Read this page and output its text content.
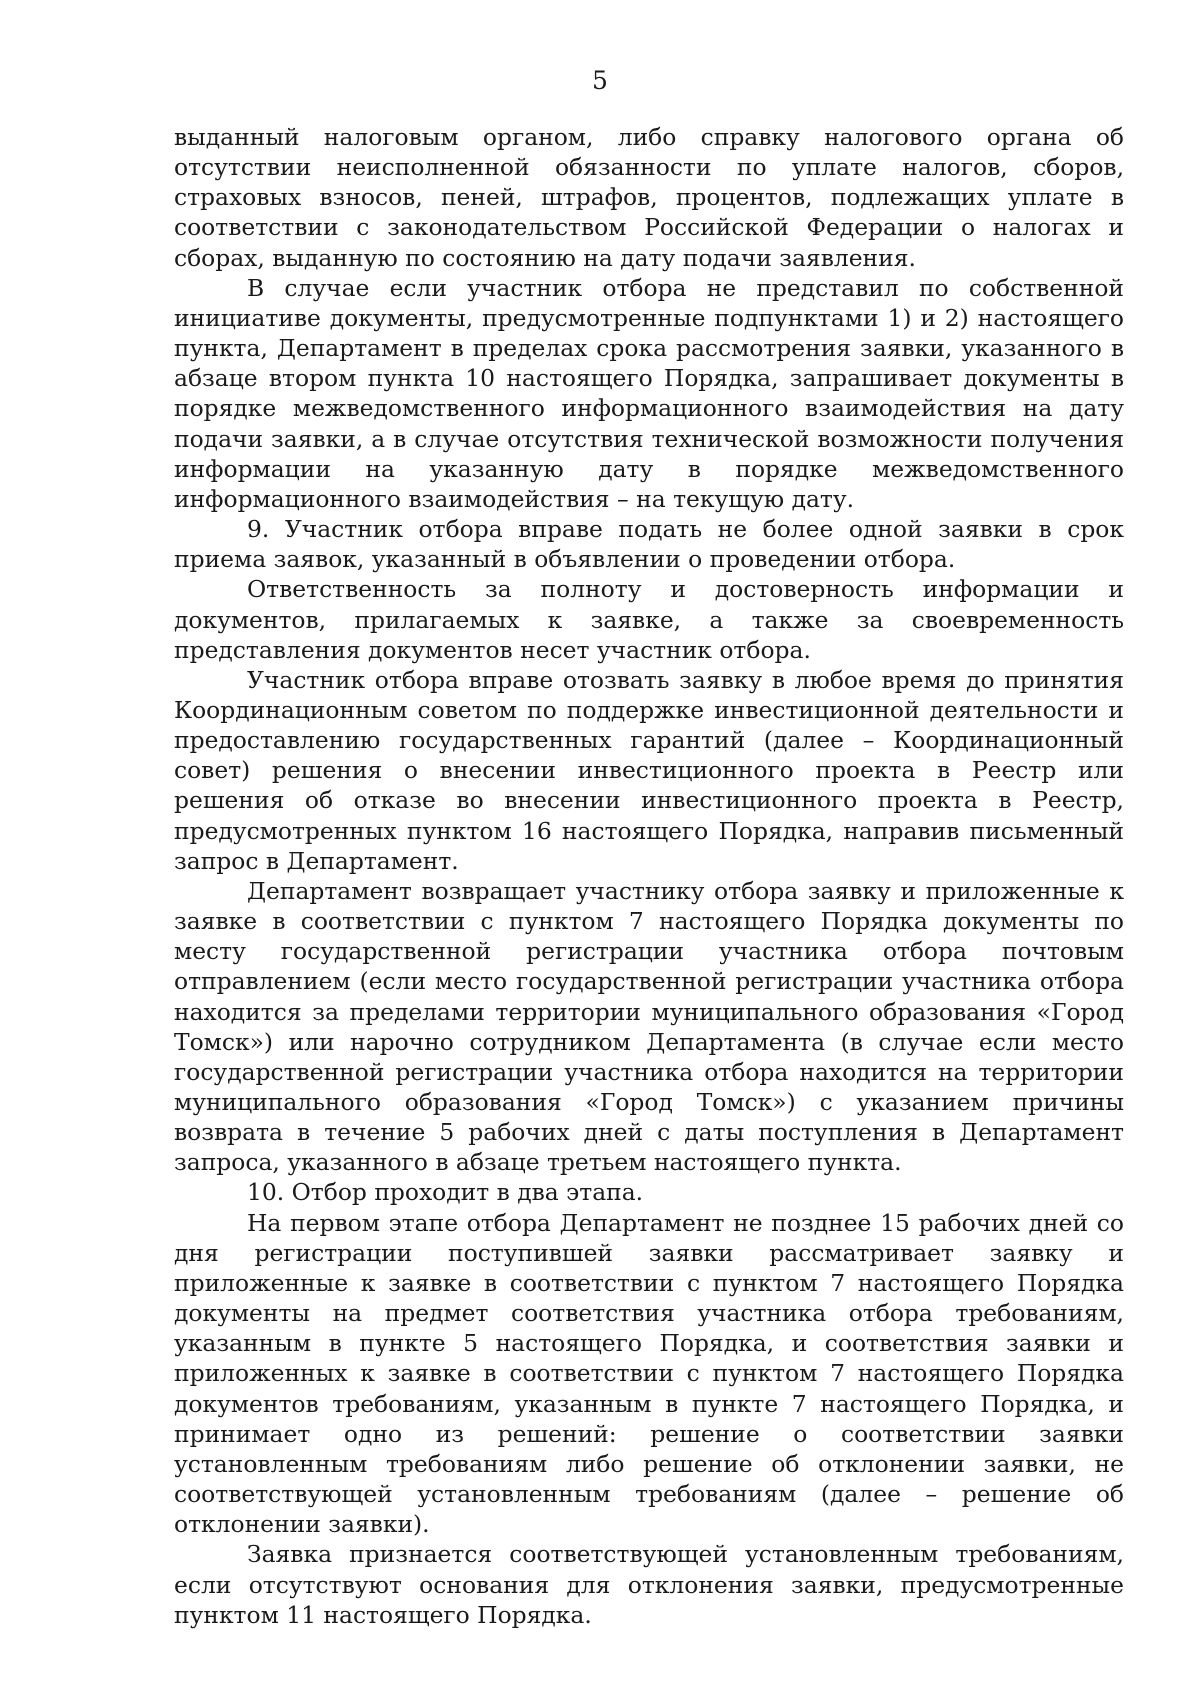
5

выданный налоговым органом, либо справку налогового органа об отсутствии неисполненной обязанности по уплате налогов, сборов, страховых взносов, пеней, штрафов, процентов, подлежащих уплате в соответствии с законодательством Российской Федерации о налогах и сборах, выданную по состоянию на дату подачи заявления.

В случае если участник отбора не представил по собственной инициативе документы, предусмотренные подпунктами 1) и 2) настоящего пункта, Департамент в пределах срока рассмотрения заявки, указанного в абзаце втором пункта 10 настоящего Порядка, запрашивает документы в порядке межведомственного информационного взаимодействия на дату подачи заявки, а в случае отсутствия технической возможности получения информации на указанную дату в порядке межведомственного информационного взаимодействия – на текущую дату.

9. Участник отбора вправе подать не более одной заявки в срок приема заявок, указанный в объявлении о проведении отбора.

Ответственность за полноту и достоверность информации и документов, прилагаемых к заявке, а также за своевременность представления документов несет участник отбора.

Участник отбора вправе отозвать заявку в любое время до принятия Координационным советом по поддержке инвестиционной деятельности и предоставлению государственных гарантий (далее – Координационный совет) решения о внесении инвестиционного проекта в Реестр или решения об отказе во внесении инвестиционного проекта в Реестр, предусмотренных пунктом 16 настоящего Порядка, направив письменный запрос в Департамент.

Департамент возвращает участнику отбора заявку и приложенные к заявке в соответствии с пунктом 7 настоящего Порядка документы по месту государственной регистрации участника отбора почтовым отправлением (если место государственной регистрации участника отбора находится за пределами территории муниципального образования «Город Томск») или нарочно сотрудником Департамента (в случае если место государственной регистрации участника отбора находится на территории муниципального образования «Город Томск») с указанием причины возврата в течение 5 рабочих дней с даты поступления в Департамент запроса, указанного в абзаце третьем настоящего пункта.

10. Отбор проходит в два этапа.

На первом этапе отбора Департамент не позднее 15 рабочих дней со дня регистрации поступившей заявки рассматривает заявку и приложенные к заявке в соответствии с пунктом 7 настоящего Порядка документы на предмет соответствия участника отбора требованиям, указанным в пункте 5 настоящего Порядка, и соответствия заявки и приложенных к заявке в соответствии с пунктом 7 настоящего Порядка документов требованиям, указанным в пункте 7 настоящего Порядка, и принимает одно из решений: решение о соответствии заявки установленным требованиям либо решение об отклонении заявки, не соответствующей установленным требованиям (далее – решение об отклонении заявки).

Заявка признается соответствующей установленным требованиям, если отсутствуют основания для отклонения заявки, предусмотренные пунктом 11 настоящего Порядка.
